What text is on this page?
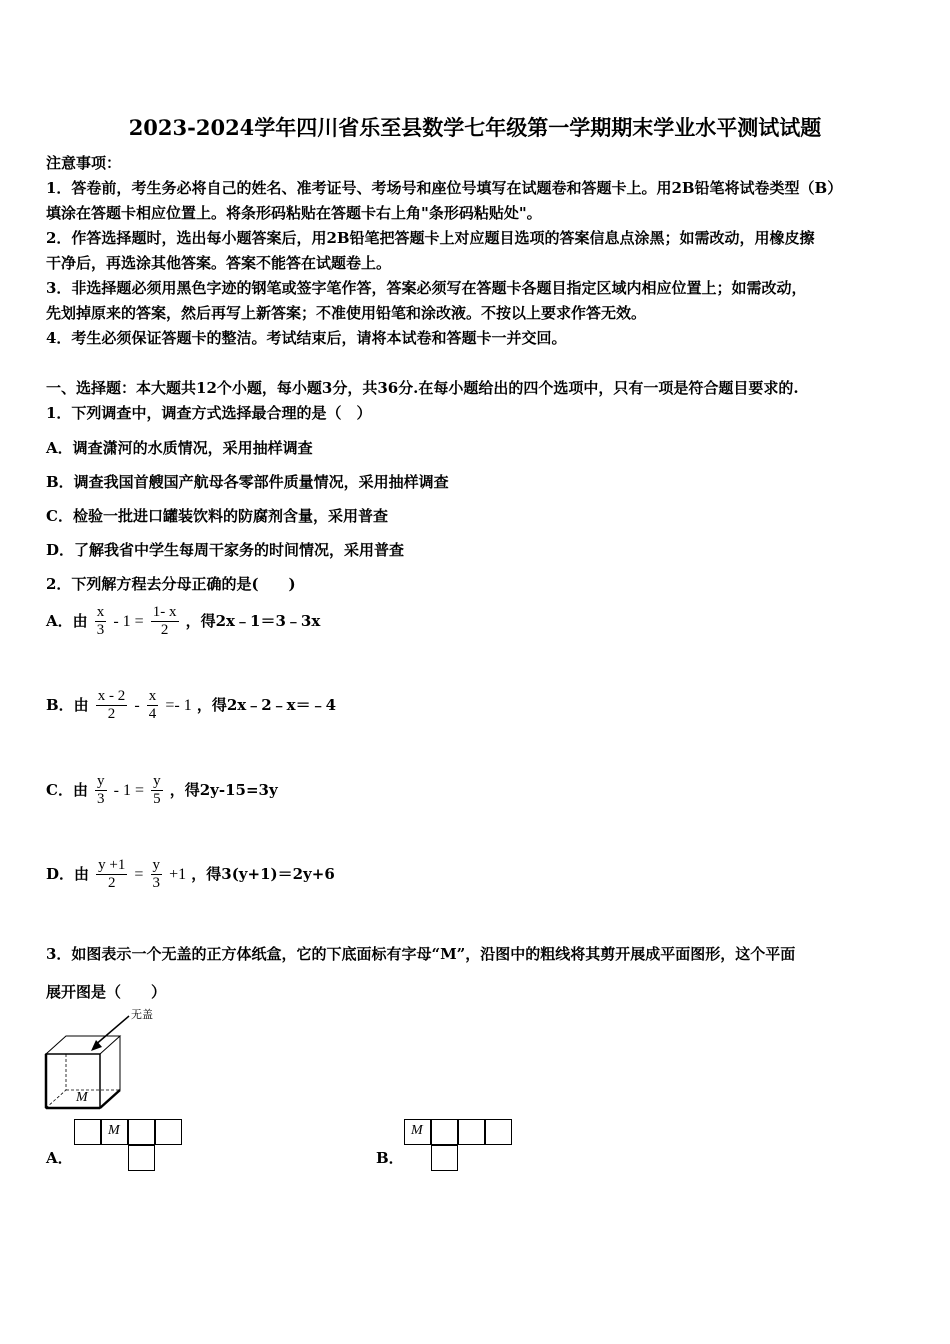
2023-2024学年四川省乐至县数学七年级第一学期期末学业水平测试试题
注意事项：
1．答卷前，考生务必将自己的姓名、准考证号、考场号和座位号填写在试题卷和答题卡上。用2B铅笔将试卷类型（B）
填涂在答题卡相应位置上。将条形码粘贴在答题卡右上角"条形码粘贴处"。
2．作答选择题时，选出每小题答案后，用2B铅笔把答题卡上对应题目选项的答案信息点涂黑；如需改动，用橡皮擦
干净后，再选涂其他答案。答案不能答在试题卷上。
3．非选择题必须用黑色字迹的钢笔或签字笔作答，答案必须写在答题卡各题目指定区域内相应位置上；如需改动，
先划掉原来的答案，然后再写上新答案；不准使用铅笔和涂改液。不按以上要求作答无效。
4．考生必须保证答题卡的整洁。考试结束后，请将本试卷和答题卡一并交回。
一、选择题：本大题共12个小题，每小题3分，共36分.在每小题给出的四个选项中，只有一项是符合题目要求的.
1．下列调查中，调查方式选择最合理的是（　）
A．调查潇河的水质情况，采用抽样调查
B．调查我国首艘国产航母各零部件质量情况，采用抽样调查
C．检验一批进口罐装饮料的防腐剂含量，采用普查
D．了解我省中学生每周干家务的时间情况，采用普查
2．下列解方程去分母正确的是(　　)
A．由 $\frac{x}{3} - 1 = \frac{1- x}{2}$ ，得2x﹣1＝3﹣3x
B．由 $\frac{x - 2}{2} - \frac{x}{4} =- 1$ ，得2x﹣2﹣x＝﹣4
C．由 $\frac{y}{3} - 1 = \frac{y}{5}$ ，得2y-15=3y
D．由 $\frac{y +1}{2} = \frac{y}{3} +1$ ，得3(y+1)＝2y+6
3．如图表示一个无盖的正方体纸盒，它的下底面标有字母“M”，沿图中的粗线将其剪开展成平面图形，这个平面
展开图是（　　）
无盖
M
A．
M
B．
M
